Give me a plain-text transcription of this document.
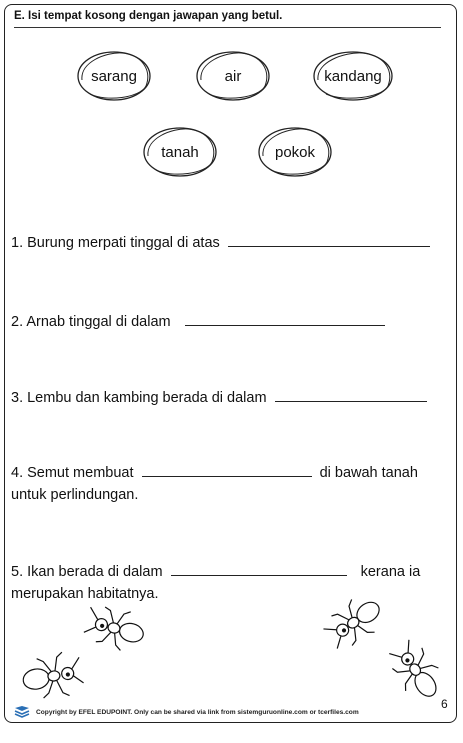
E. Isi tempat kosong dengan jawapan yang betul.
sarang	air	kandang
tanah	pokok
1. Burung merpati tinggal di atas
2. Arnab tinggal di dalam
3. Lembu dan kambing berada di dalam
4. Semut membuat	di bawah tanah
untuk perlindungan.
5. Ikan berada di dalam	kerana ia
merupakan habitatnya.
6
Copyright by EFEL EDUPOINT. Only can be shared via link from sistemguruonline.com or tcerfiles.com
